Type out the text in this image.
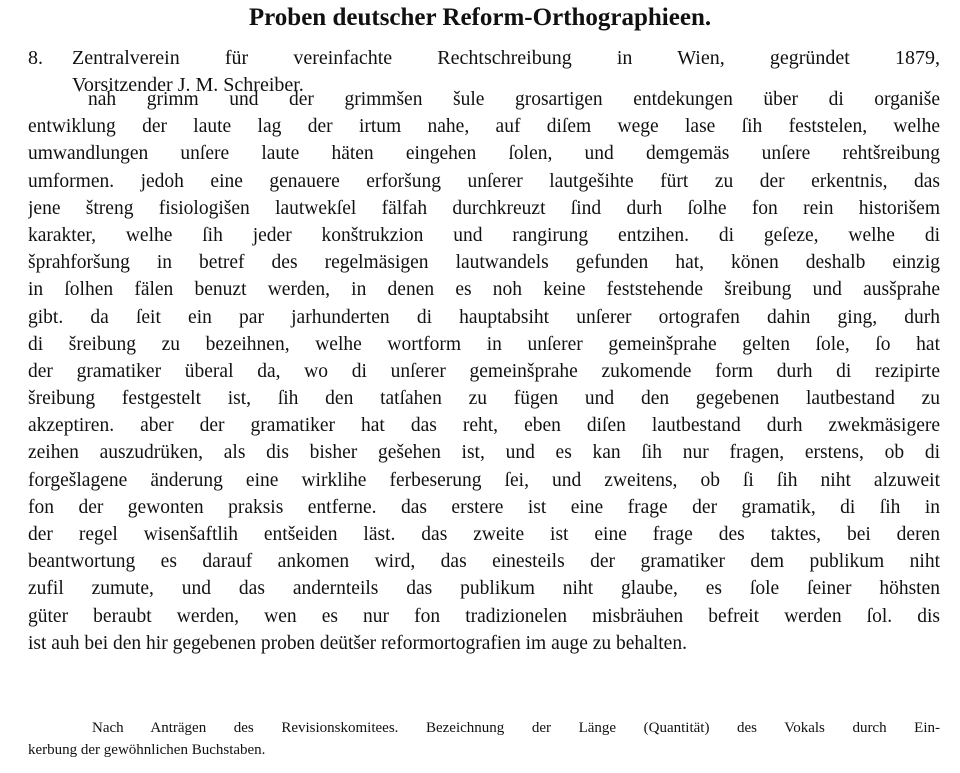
Proben deutscher Reform-Orthographieen.
8. Zentralverein für vereinfachte Rechtschreibung in Wien, gegründet 1879,
Vorsitzender J. M. Schreiber.
nah grimm und der grimmšen šule grosartigen entdekungen über di organiše
entwiklung der laute lag der irtum nahe, auf diſem wege lase ſih feststelen, welhe
umwandlungen unſere laute häten eingehen ſolen, und demgemäs unſere rehtšreibung
umformen. jedoh eine genauere erforšung unſerer lautgešihte fürt zu der erkentnis, das
jene štreng fisiologišen lautwekſel fälfah durchkreuzt ſind durh ſolhe fon rein historišem
karakter, welhe ſih jeder konštrukzion und rangirung entzihen. di geſeze, welhe di
šprahforšung in betref des regelmäsigen lautwandels gefunden hat, könen deshalb einzig
in ſolhen fälen benuzt werden, in denen es noh keine feststehende šreibung und ausšprahe
gibt. da ſeit ein par jarhunderten di hauptabsiht unſerer ortografen dahin ging, durh
di šreibung zu bezeihnen, welhe wortform in unſerer gemeinšprahe gelten ſole, ſo hat
der gramatiker überal da, wo di unſerer gemeinšprahe zukomende form durh di rezipirte
šreibung festgestelt ist, ſih den tatſahen zu fügen und den gegebenen lautbestand zu
akzeptiren. aber der gramatiker hat das reht, eben diſen lautbestand durh zwekmäsigere
zeihen auszudrüken, als dis bisher gešehen ist, und es kan ſih nur fragen, erstens, ob di
forgešlagene änderung eine wirklihe ferbeserung ſei, und zweitens, ob ſi ſih niht alzuweit
fon der gewonten praksis entferne. das erstere ist eine frage der gramatik, di ſih in
der regel wisenšaftlih entšeiden läst. das zweite ist eine frage des taktes, bei deren
beantwortung es darauf ankomen wird, das einesteils der gramatiker dem publikum niht
zufil zumute, und das andernteils das publikum niht glaube, es ſole ſeiner höhsten
güter beraubt werden, wen es nur fon tradizionelen misbräuhen befreit werden ſol. dis
ist auh bei den hir gegebenen proben deütšer reformortografien im auge zu behalten.
Nach Anträgen des Revisionskomitees. Bezeichnung der Länge (Quantität) des Vokals durch Ein-
kerbung der gewöhnlichen Buchstaben.
